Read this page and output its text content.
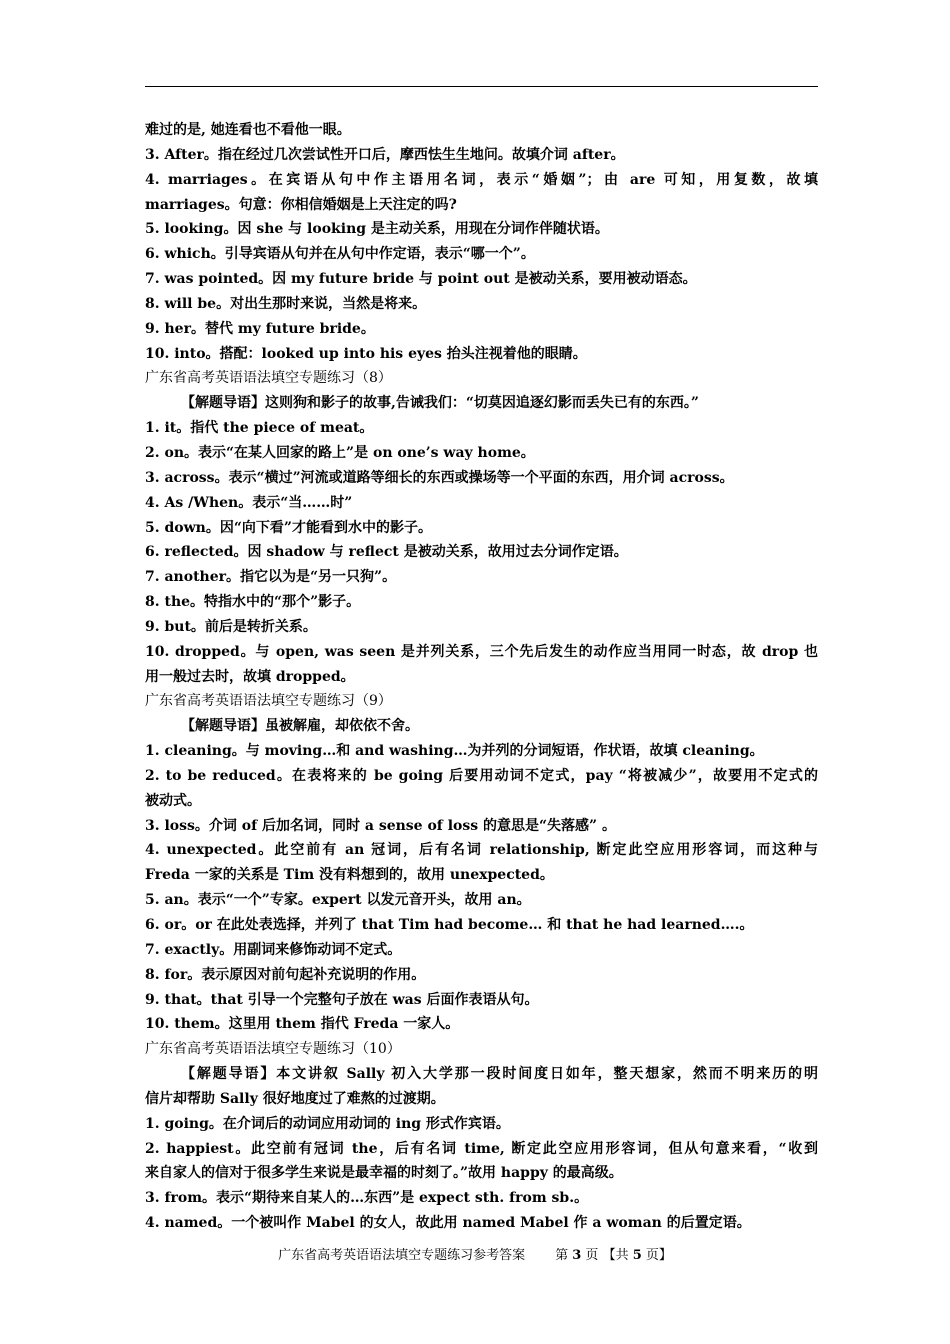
难过的是, 她连看也不看他一眼。
3. After。指在经过几次尝试性开口后，摩西怯生生地问。故填介词 after。
4. marriages。在宾语从句中作主语用名词，表示“婚姻”；由 are 可知，用复数，故填
marriages。句意：你相信婚姻是上天注定的吗?
5. looking。因 she 与 looking 是主动关系，用现在分词作伴随状语。
6. which。引导宾语从句并在从句中作定语，表示“哪一个”。
7. was pointed。因 my future bride 与 point out 是被动关系，要用被动语态。
8. will be。对出生那时来说，当然是将来。
9. her。替代 my future bride。
10. into。搭配：looked up into his eyes 抬头注视着他的眼睛。
广东省高考英语语法填空专题练习（8）
【解题导语】这则狗和影子的故事,告诫我们：“切莫因追逐幻影而丢失已有的东西。”
1. it。指代 the piece of meat。
2. on。表示“在某人回家的路上”是 on one’s way home。
3. across。表示“横过”河流或道路等细长的东西或操场等一个平面的东西，用介词 across。
4. As /When。表示“当……时”
5. down。因“向下看”才能看到水中的影子。
6. reflected。因 shadow 与 reflect 是被动关系，故用过去分词作定语。
7. another。指它以为是“另一只狗”。
8. the。特指水中的“那个”影子。
9. but。前后是转折关系。
10. dropped。与 open, was seen 是并列关系，三个先后发生的动作应当用同一时态，故 drop 也
用一般过去时，故填 dropped。
广东省高考英语语法填空专题练习（9）
【解题导语】虽被解雇，却依依不舍。
1. cleaning。与 moving…和 and washing…为并列的分词短语，作状语，故填 cleaning。
2. to be reduced。在表将来的 be going 后要用动词不定式，pay “将被减少”，故要用不定式的
被动式。
3. loss。介词 of 后加名词，同时 a sense of loss 的意思是“失落感” 。
4. unexpected。此空前有 an 冠词，后有名词 relationship, 断定此空应用形容词，而这种与
Freda 一家的关系是 Tim 没有料想到的，故用 unexpected。
5. an。表示“一个”专家。expert 以发元音开头，故用 an。
6. or。or 在此处表选择，并列了 that Tim had become… 和 that he had learned….。
7. exactly。用副词来修饰动词不定式。
8. for。表示原因对前句起补充说明的作用。
9. that。that 引导一个完整句子放在 was 后面作表语从句。
10. them。这里用 them 指代 Freda 一家人。
广东省高考英语语法填空专题练习（10）
【解题导语】本文讲叙 Sally 初入大学那一段时间度日如年，整天想家，然而不明来历的明
信片却帮助 Sally 很好地度过了难熬的过渡期。
1. going。在介词后的动词应用动词的 ing 形式作宾语。
2. happiest。此空前有冠词 the，后有名词 time, 断定此空应用形容词，但从句意来看，“收到
来自家人的信对于很多学生来说是最幸福的时刻了。”故用 happy 的最高级。
3. from。表示“期待来自某人的…东西”是 expect sth. from sb.。
4. named。一个被叫作 Mabel 的女人，故此用 named Mabel 作 a woman 的后置定语。
广东省高考英语语法填空专题练习参考答案 第 3 页 【共 5 页】
